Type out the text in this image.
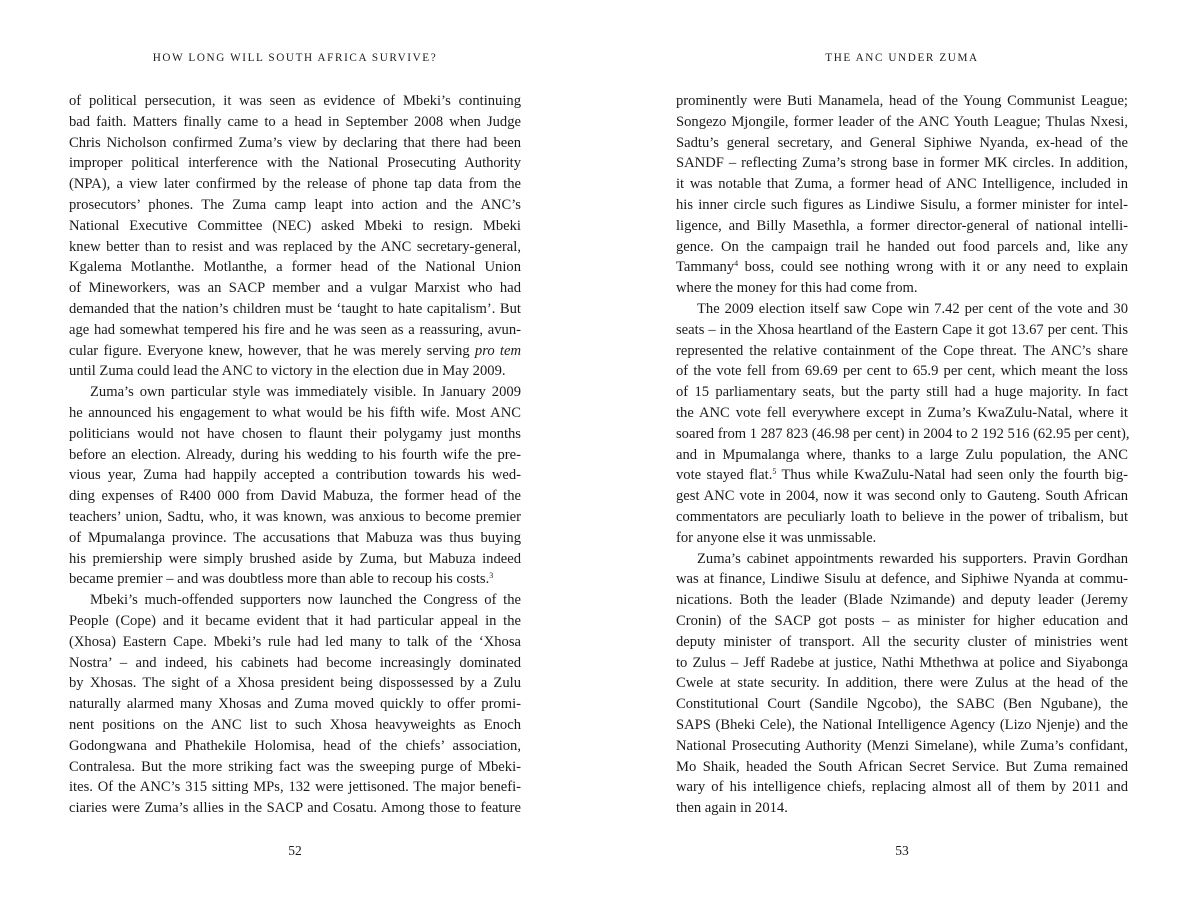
HOW LONG WILL SOUTH AFRICA SURVIVE?
of political persecution, it was seen as evidence of Mbeki’s continuing
bad faith. Matters finally came to a head in September 2008 when Judge
Chris Nicholson confirmed Zuma’s view by declaring that there had been
improper political interference with the National Prosecuting Authority
(NPA), a view later confirmed by the release of phone tap data from the
prosecutors’ phones. The Zuma camp leapt into action and the ANC’s
National Executive Committee (NEC) asked Mbeki to resign. Mbeki
knew better than to resist and was replaced by the ANC secretary-general,
Kgalema Motlanthe. Motlanthe, a former head of the National Union
of Mineworkers, was an SACP member and a vulgar Marxist who had
demanded that the nation’s children must be ‘taught to hate capitalism’. But
age had somewhat tempered his fire and he was seen as a reassuring, avun-
cular figure. Everyone knew, however, that he was merely serving pro tem
until Zuma could lead the ANC to victory in the election due in May 2009.
Zuma’s own particular style was immediately visible. In January 2009
he announced his engagement to what would be his fifth wife. Most ANC
politicians would not have chosen to flaunt their polygamy just months
before an election. Already, during his wedding to his fourth wife the pre-
vious year, Zuma had happily accepted a contribution towards his wed-
ding expenses of R400 000 from David Mabuza, the former head of the
teachers’ union, Sadtu, who, it was known, was anxious to become premier
of Mpumalanga province. The accusations that Mabuza was thus buying
his premiership were simply brushed aside by Zuma, but Mabuza indeed
became premier – and was doubtless more than able to recoup his costs.$^3$
Mbeki’s much-offended supporters now launched the Congress of the
People (Cope) and it became evident that it had particular appeal in the
(Xhosa) Eastern Cape. Mbeki’s rule had led many to talk of the ‘Xhosa
Nostra’ – and indeed, his cabinets had become increasingly dominated
by Xhosas. The sight of a Xhosa president being dispossessed by a Zulu
naturally alarmed many Xhosas and Zuma moved quickly to offer promi-
nent positions on the ANC list to such Xhosa heavyweights as Enoch
Godongwana and Phathekile Holomisa, head of the chiefs’ association,
Contralesa. But the more striking fact was the sweeping purge of Mbeki-
ites. Of the ANC’s 315 sitting MPs, 132 were jettisoned. The major benefi-
ciaries were Zuma’s allies in the SACP and Cosatu. Among those to feature
52
THE ANC UNDER ZUMA
prominently were Buti Manamela, head of the Young Communist League;
Songezo Mjongile, former leader of the ANC Youth League; Thulas Nxesi,
Sadtu’s general secretary, and General Siphiwe Nyanda, ex-head of the
SANDF – reflecting Zuma’s strong base in former MK circles. In addition,
it was notable that Zuma, a former head of ANC Intelligence, included in
his inner circle such figures as Lindiwe Sisulu, a former minister for intel-
ligence, and Billy Masethla, a former director-general of national intelli-
gence. On the campaign trail he handed out food parcels and, like any
Tammany$^4$ boss, could see nothing wrong with it or any need to explain
where the money for this had come from.
The 2009 election itself saw Cope win 7.42 per cent of the vote and 30
seats – in the Xhosa heartland of the Eastern Cape it got 13.67 per cent. This
represented the relative containment of the Cope threat. The ANC’s share
of the vote fell from 69.69 per cent to 65.9 per cent, which meant the loss
of 15 parliamentary seats, but the party still had a huge majority. In fact
the ANC vote fell everywhere except in Zuma’s KwaZulu-Natal, where it
soared from 1 287 823 (46.98 per cent) in 2004 to 2 192 516 (62.95 per cent),
and in Mpumalanga where, thanks to a large Zulu population, the ANC
vote stayed flat.$^5$ Thus while KwaZulu-Natal had seen only the fourth big-
gest ANC vote in 2004, now it was second only to Gauteng. South African
commentators are peculiarly loath to believe in the power of tribalism, but
for anyone else it was unmissable.
Zuma’s cabinet appointments rewarded his supporters. Pravin Gordhan
was at finance, Lindiwe Sisulu at defence, and Siphiwe Nyanda at commu-
nications. Both the leader (Blade Nzimande) and deputy leader (Jeremy
Cronin) of the SACP got posts – as minister for higher education and
deputy minister of transport. All the security cluster of ministries went
to Zulus – Jeff Radebe at justice, Nathi Mthethwa at police and Siyabonga
Cwele at state security. In addition, there were Zulus at the head of the
Constitutional Court (Sandile Ngcobo), the SABC (Ben Ngubane), the
SAPS (Bheki Cele), the National Intelligence Agency (Lizo Njenje) and the
National Prosecuting Authority (Menzi Simelane), while Zuma’s confidant,
Mo Shaik, headed the South African Secret Service. But Zuma remained
wary of his intelligence chiefs, replacing almost all of them by 2011 and
then again in 2014.
53
